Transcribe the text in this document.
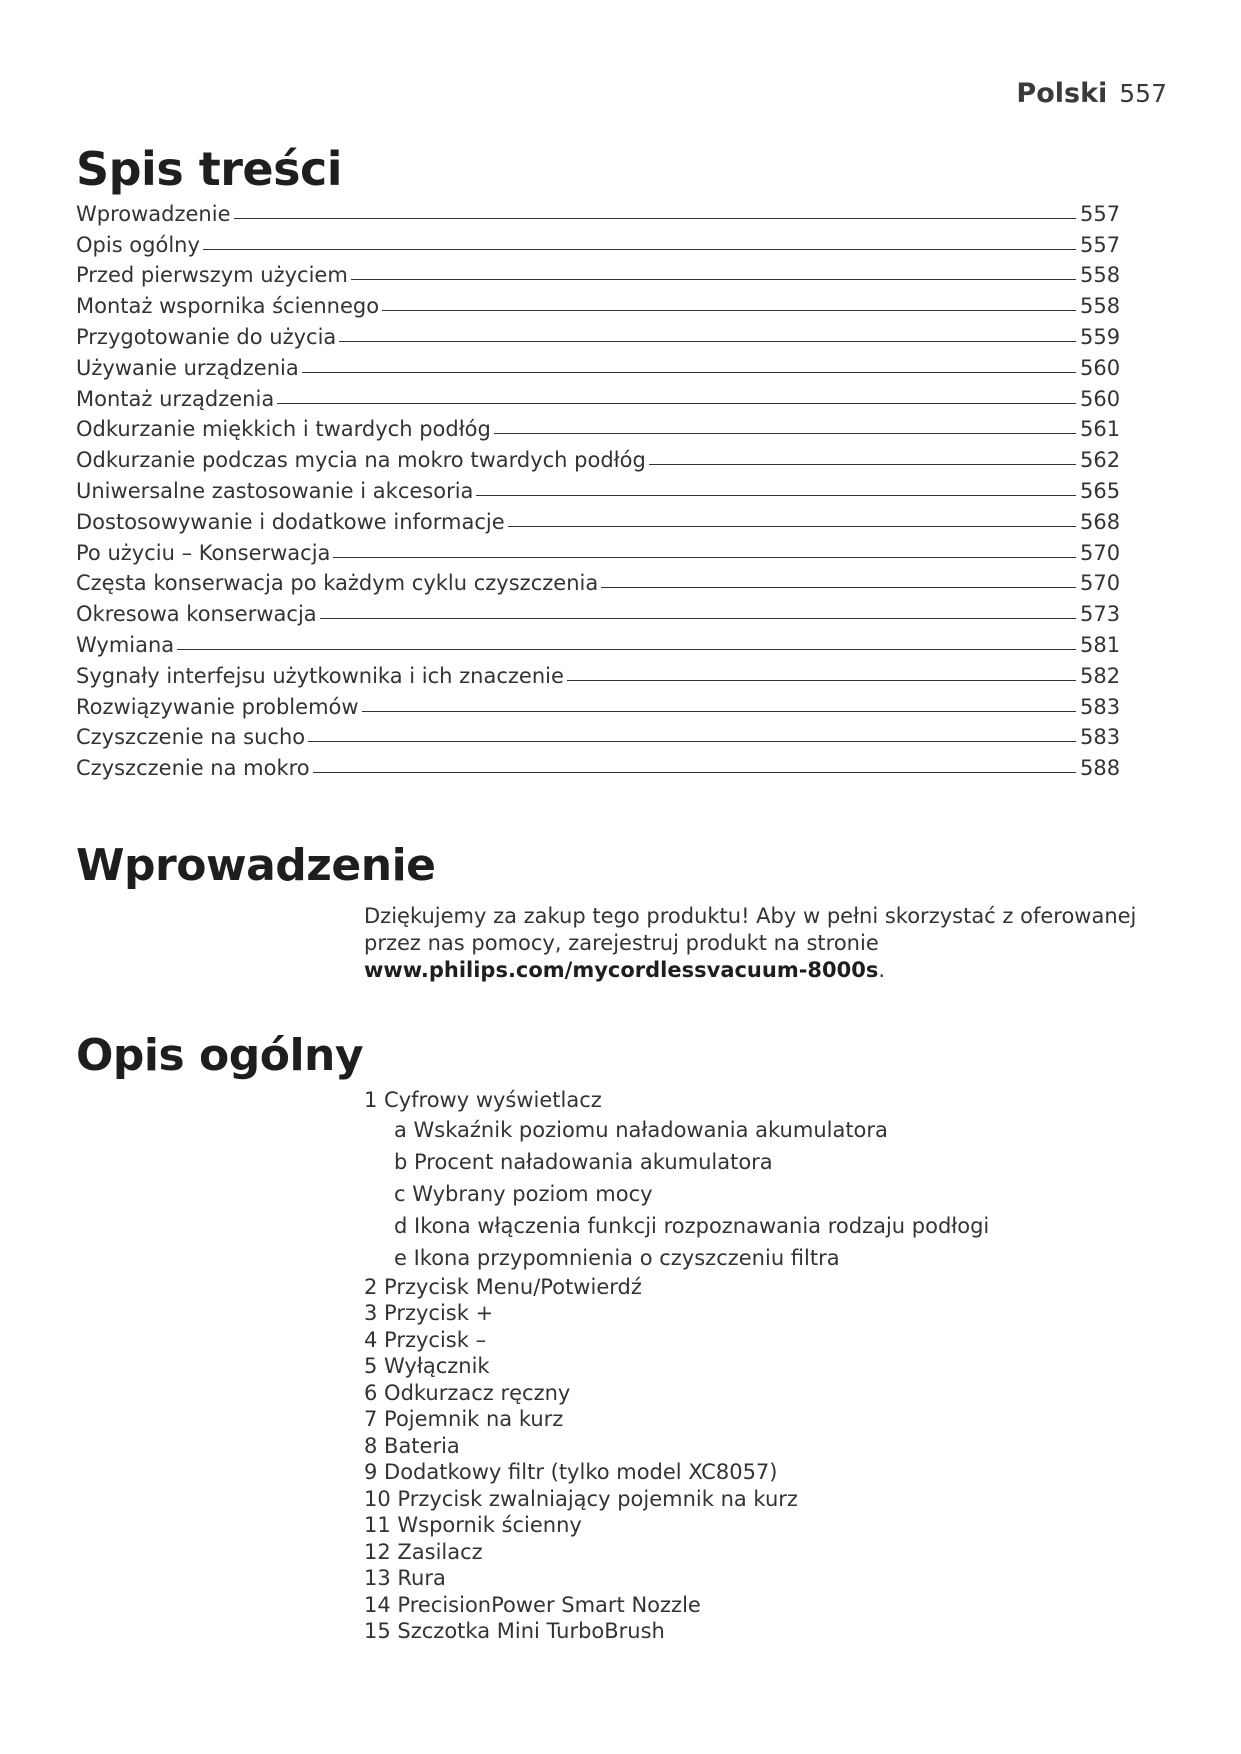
Polski 557
Spis treści
Wprowadzenie	557
Opis ogólny	557
Przed pierwszym użyciem	558
Montaż wspornika ściennego	558
Przygotowanie do użycia	559
Używanie urządzenia	560
Montaż urządzenia	560
Odkurzanie miękkich i twardych podłóg	561
Odkurzanie podczas mycia na mokro twardych podłóg	562
Uniwersalne zastosowanie i akcesoria	565
Dostosowywanie i dodatkowe informacje	568
Po użyciu – Konserwacja	570
Częsta konserwacja po każdym cyklu czyszczenia	570
Okresowa konserwacja	573
Wymiana	581
Sygnały interfejsu użytkownika i ich znaczenie	582
Rozwiązywanie problemów	583
Czyszczenie na sucho	583
Czyszczenie na mokro	588
Wprowadzenie
Dziękujemy za zakup tego produktu! Aby w pełni skorzystać z oferowanej przez nas pomocy, zarejestruj produkt na stronie
www.philips.com/mycordlessvacuum-8000s.
Opis ogólny
1 Cyfrowy wyświetlacz
a Wskaźnik poziomu naładowania akumulatora
b Procent naładowania akumulatora
c Wybrany poziom mocy
d Ikona włączenia funkcji rozpoznawania rodzaju podłogi
e Ikona przypomnienia o czyszczeniu filtra
2 Przycisk Menu/Potwierdź
3 Przycisk +
4 Przycisk –
5 Wyłącznik
6 Odkurzacz ręczny
7 Pojemnik na kurz
8 Bateria
9 Dodatkowy filtr (tylko model XC8057)
10 Przycisk zwalniający pojemnik na kurz
11 Wspornik ścienny
12 Zasilacz
13 Rura
14 PrecisionPower Smart Nozzle
15 Szczotka Mini TurboBrush
